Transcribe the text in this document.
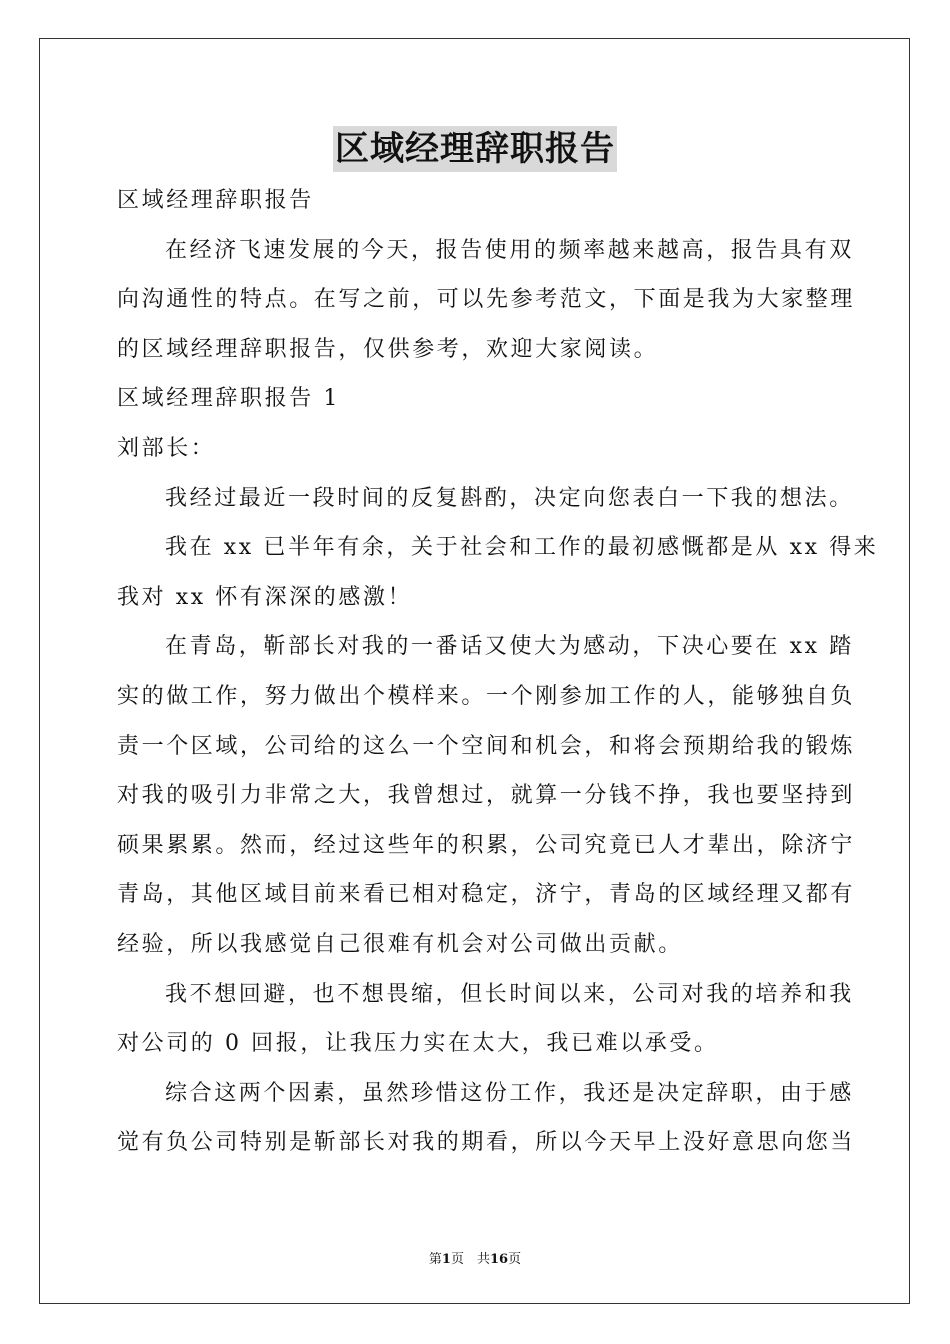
区域经理辞职报告
区域经理辞职报告
在经济飞速发展的今天，报告使用的频率越来越高，报告具有双
向沟通性的特点。在写之前，可以先参考范文，下面是我为大家整理
的区域经理辞职报告，仅供参考，欢迎大家阅读。
区域经理辞职报告 1
刘部长：
我经过最近一段时间的反复斟酌，决定向您表白一下我的想法。
我在 xx 已半年有余，关于社会和工作的最初感慨都是从 xx 得来
我对 xx 怀有深深的感激！
在青岛，靳部长对我的一番话又使大为感动，下决心要在 xx 踏
实的做工作，努力做出个模样来。一个刚参加工作的人，能够独自负
责一个区域，公司给的这么一个空间和机会，和将会预期给我的锻炼
对我的吸引力非常之大，我曾想过，就算一分钱不挣，我也要坚持到
硕果累累。然而，经过这些年的积累，公司究竟已人才辈出，除济宁
青岛，其他区域目前来看已相对稳定，济宁，青岛的区域经理又都有
经验，所以我感觉自己很难有机会对公司做出贡献。
我不想回避，也不想畏缩，但长时间以来，公司对我的培养和我
对公司的 0 回报，让我压力实在太大，我已难以承受。
综合这两个因素，虽然珍惜这份工作，我还是决定辞职，由于感
觉有负公司特别是靳部长对我的期看，所以今天早上没好意思向您当
第1页　共16页
